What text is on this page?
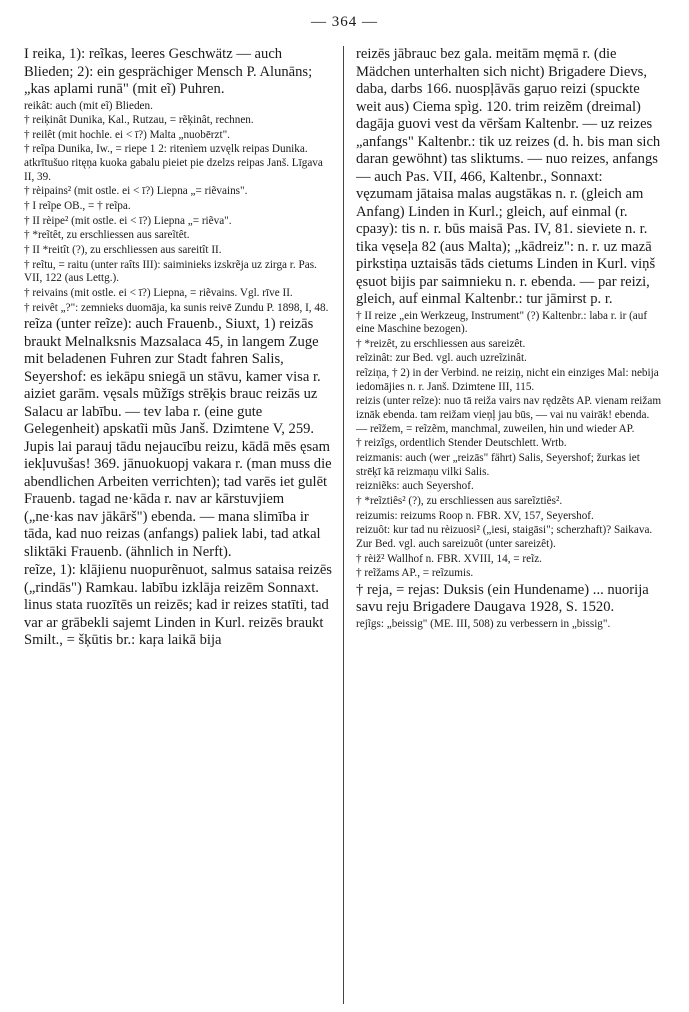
— 364 —

I reika, 1): reĩkas, leeres Geschwätz — auch Blieden; 2): ein gesprächiger Mensch P. Alunāns; „kas aplami runā" (mit eĩ) Puhren.

reikât: auch (mit eĩ) Blieden.

† reiķinât Dunika, Kal., Rutzau, = rẽķinât, rechnen.

† reilêt (mit hochle. ei < ī?) Malta „nuobērzt".

† reĩpa Dunika, Iw., = riepe 1 2: ritenìem uzvęlk reipas Dunika. atkrītušuo ritęņa kuoka gabalu pieiet pie dzelzs reipas Janš. Līgava II, 39.

† rèipains² (mit ostle. ei < ī?) Liepna „= riẽvains".

† I reĩpe OB., = † reĩpa.

† II rèipe² (mit ostle. ei < ī?) Liepna „= riẽva".

† *reĩtêt, zu erschliessen aus sareĩtêt.

† II *reitît (?), zu erschliessen aus sareitît II.

† reĩtu, = raitu (unter raîts III): saiminieks izskrẽja uz zirga r. Pas. VII, 122 (aus Lettg.).

† reivains (mit ostle. ei < ī?) Liepna, = riẽvains. Vgl. rīve II.

† reivêt „?": zemnieks duomāja, ka sunis reivē Zundu P. 1898, I, 48.

reĩza (unter reĩze): auch Frauenb., Siuxt, 1) reizās braukt Melnalksnis Mazsalaca 45, in langem Zuge mit beladenen Fuhren zur Stadt fahren Salis, Seyershof: es iekāpu sniegā un stāvu, kamer visa r. aiziet garām. vęsals mũžīgs strēķis brauc reizās uz Salacu ar labību. — tev laba r. (eine gute Gelegenheit) apskatĩi mũs Janš. Dzimtene V, 259. Jupis lai parauj tādu nejaucību reizu, kādā mēs ęsam iekļuvušas! 369. jānuokuopj vakara r. (man muss die abendlichen Arbeiten verrichten); tad varēs iet gulēt Frauenb. tagad ne·kāda r. nav ar kārstuvjiem („ne·kas nav jākārš") ebenda. — mana slimība ir tāda, kad nuo reizas (anfangs) paliek labi, tad atkal sliktāki Frauenb. (ähnlich in Nerft).

reĩze, 1): klājienu nuopurẽnuot, salmus sataisa reizēs („rindās") Ramkau. labību izklāja reizēm Sonnaxt. linus stata ruozītēs un reizēs; kad ir reizes statīti, tad var ar grābekli sajemt Linden in Kurl. reizēs braukt Smilt., = šķūtis br.: kaŗa laikā bija

reizēs jābrauc bez gala. meitām męmā r. (die Mädchen unterhalten sich nicht) Brigadere Dievs, daba, darbs 166. nuospļāvās gaŗuo reizi (spuckte weit aus) Ciema spìg. 120. trim reizẽm (dreimal) dagāja guovi vest da vēršam Kaltenbr. — uz reizes „anfangs" Kaltenbr.: tik uz reizes (d. h. bis man sich daran gewöhnt) tas sliktums. — nuo reizes, anfangs — auch Pas. VII, 466, Kaltenbr., Sonnaxt: vęzumam jātaisa malas augstākas n. r. (gleich am Anfang) Linden in Kurl.; gleich, auf einmal (r. cразу): tis n. r. būs maisā Pas. IV, 81. sieviete n. r. tika vęseļa 82 (aus Malta); „kādreiz": n. r. uz mazā pirkstiņa uztaisās tāds cietums Linden in Kurl. viņš ęsuot bijis par saimnieku n. r. ebenda. — par reizi, gleich, auf einmal Kaltenbr.: tur jāmirst p. r.

† II reize „ein Werkzeug, Instrument" (?) Kaltenbr.: laba r. ir (auf eine Maschine bezogen).

† *reizêt, zu erschliessen aus sareizêt.

reĩzinât: zur Bed. vgl. auch uzreĩzinât.

reĩziņa, † 2) in der Verbind. ne reiziņ, nicht ein einziges Mal: nebija iedomājies n. r. Janš. Dzimtene III, 115.

reizis (unter reĩze): nuo tā reiža vairs nav rędzẽts AP. vienam reižam iznāk ebenda. tam reižam vieņļ jau būs, — vai nu vairāk! ebenda. — reĩžem, = reĩzẽm, manchmal, zuweilen, hin und wieder AP.

† reizĩgs, ordentlich Stender Deutschlett. Wrtb.

reizmanis: auch (wer „reizās" fährt) Salis, Seyershof; žurkas iet strēķī kā reizmaņu vilki Salis.

reizniẽks: auch Seyershof.

† *reĩztiês² (?), zu erschliessen aus sareĩztiês².

reizumis: reizums Roop n. FBR. XV, 157, Seyershof.

reizuôt: kur tad nu rèizuosi² („iesi, staigāsi"; scherzhaft)? Saikava. Zur Bed. vgl. auch sareizuôt (unter sareizêt).

† rèiž² Wallhof n. FBR. XVIII, 14, = reĩz.

† reĩžams AP., = reĩzumis.

† reja, = rejas: Duksis (ein Hundename) ... nuorija savu reju Brigadere Daugava 1928, S. 1520.

rejĩgs: „beissig" (ME. III, 508) zu verbessern in „bissig".
